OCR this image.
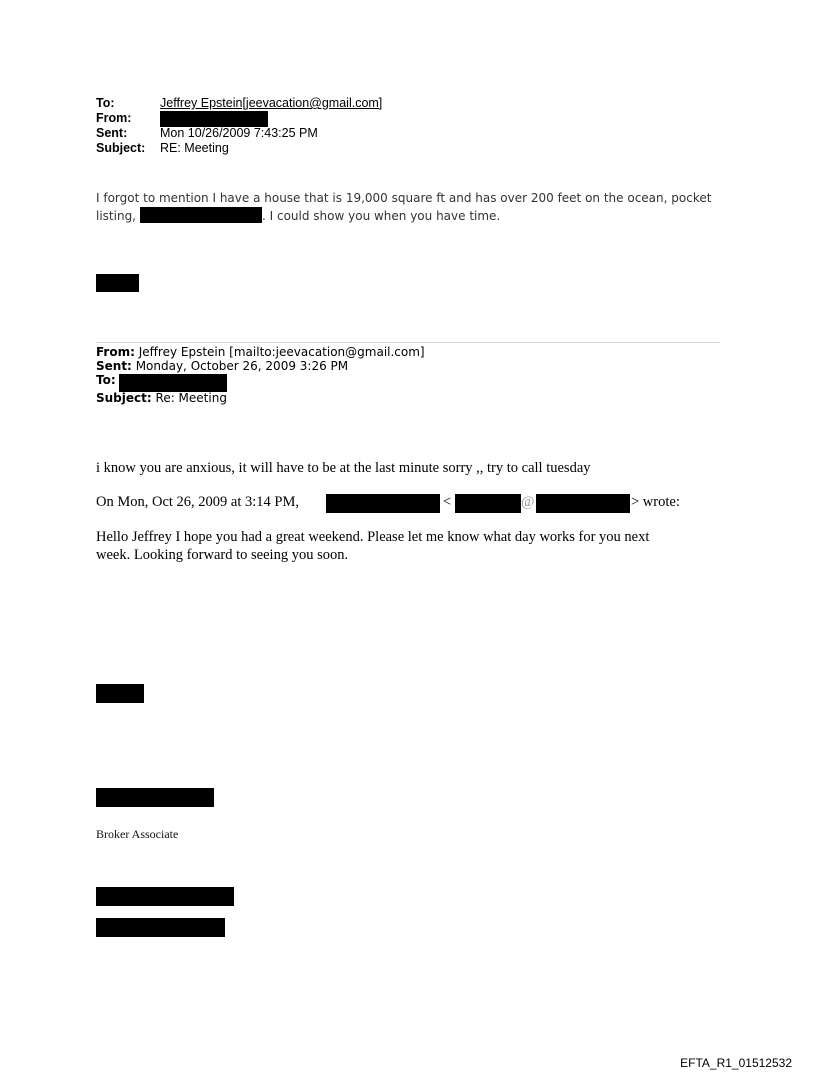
To:	Jeffrey Epstein[jeevacation@gmail.com]
From:
Sent:	Mon 10/26/2009 7:43:25 PM
Subject: RE: Meeting
I forgot to mention I have a house that is 19,000 square ft and has over 200 feet on the ocean, pocket
listing,	. I could show you when you have time.
From: Jeffrey Epstein [mailto:jeevacation@gmail.com]
Sent: Monday, October 26, 2009 3:26 PM
To:
Subject: Re: Meeting
i know you are anxious, it will have to be at the last minute sorry ,, try to call tuesday
On Mon, Oct 26, 2009 at 3:14 PM,	<	@	> wrote:
Hello Jeffrey I hope you had a great weekend. Please let me know what day works for you next
week. Looking forward to seeing you soon.
Broker Associate
EFTA_R1_01512532
